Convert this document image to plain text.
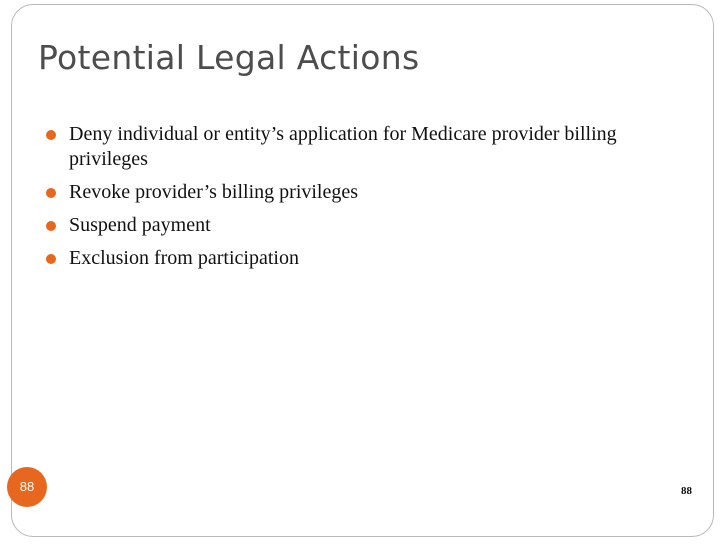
Potential Legal Actions
Deny individual or entity’s application for Medicare provider billing privileges
Revoke provider’s billing privileges
Suspend payment
Exclusion from participation
88	88
